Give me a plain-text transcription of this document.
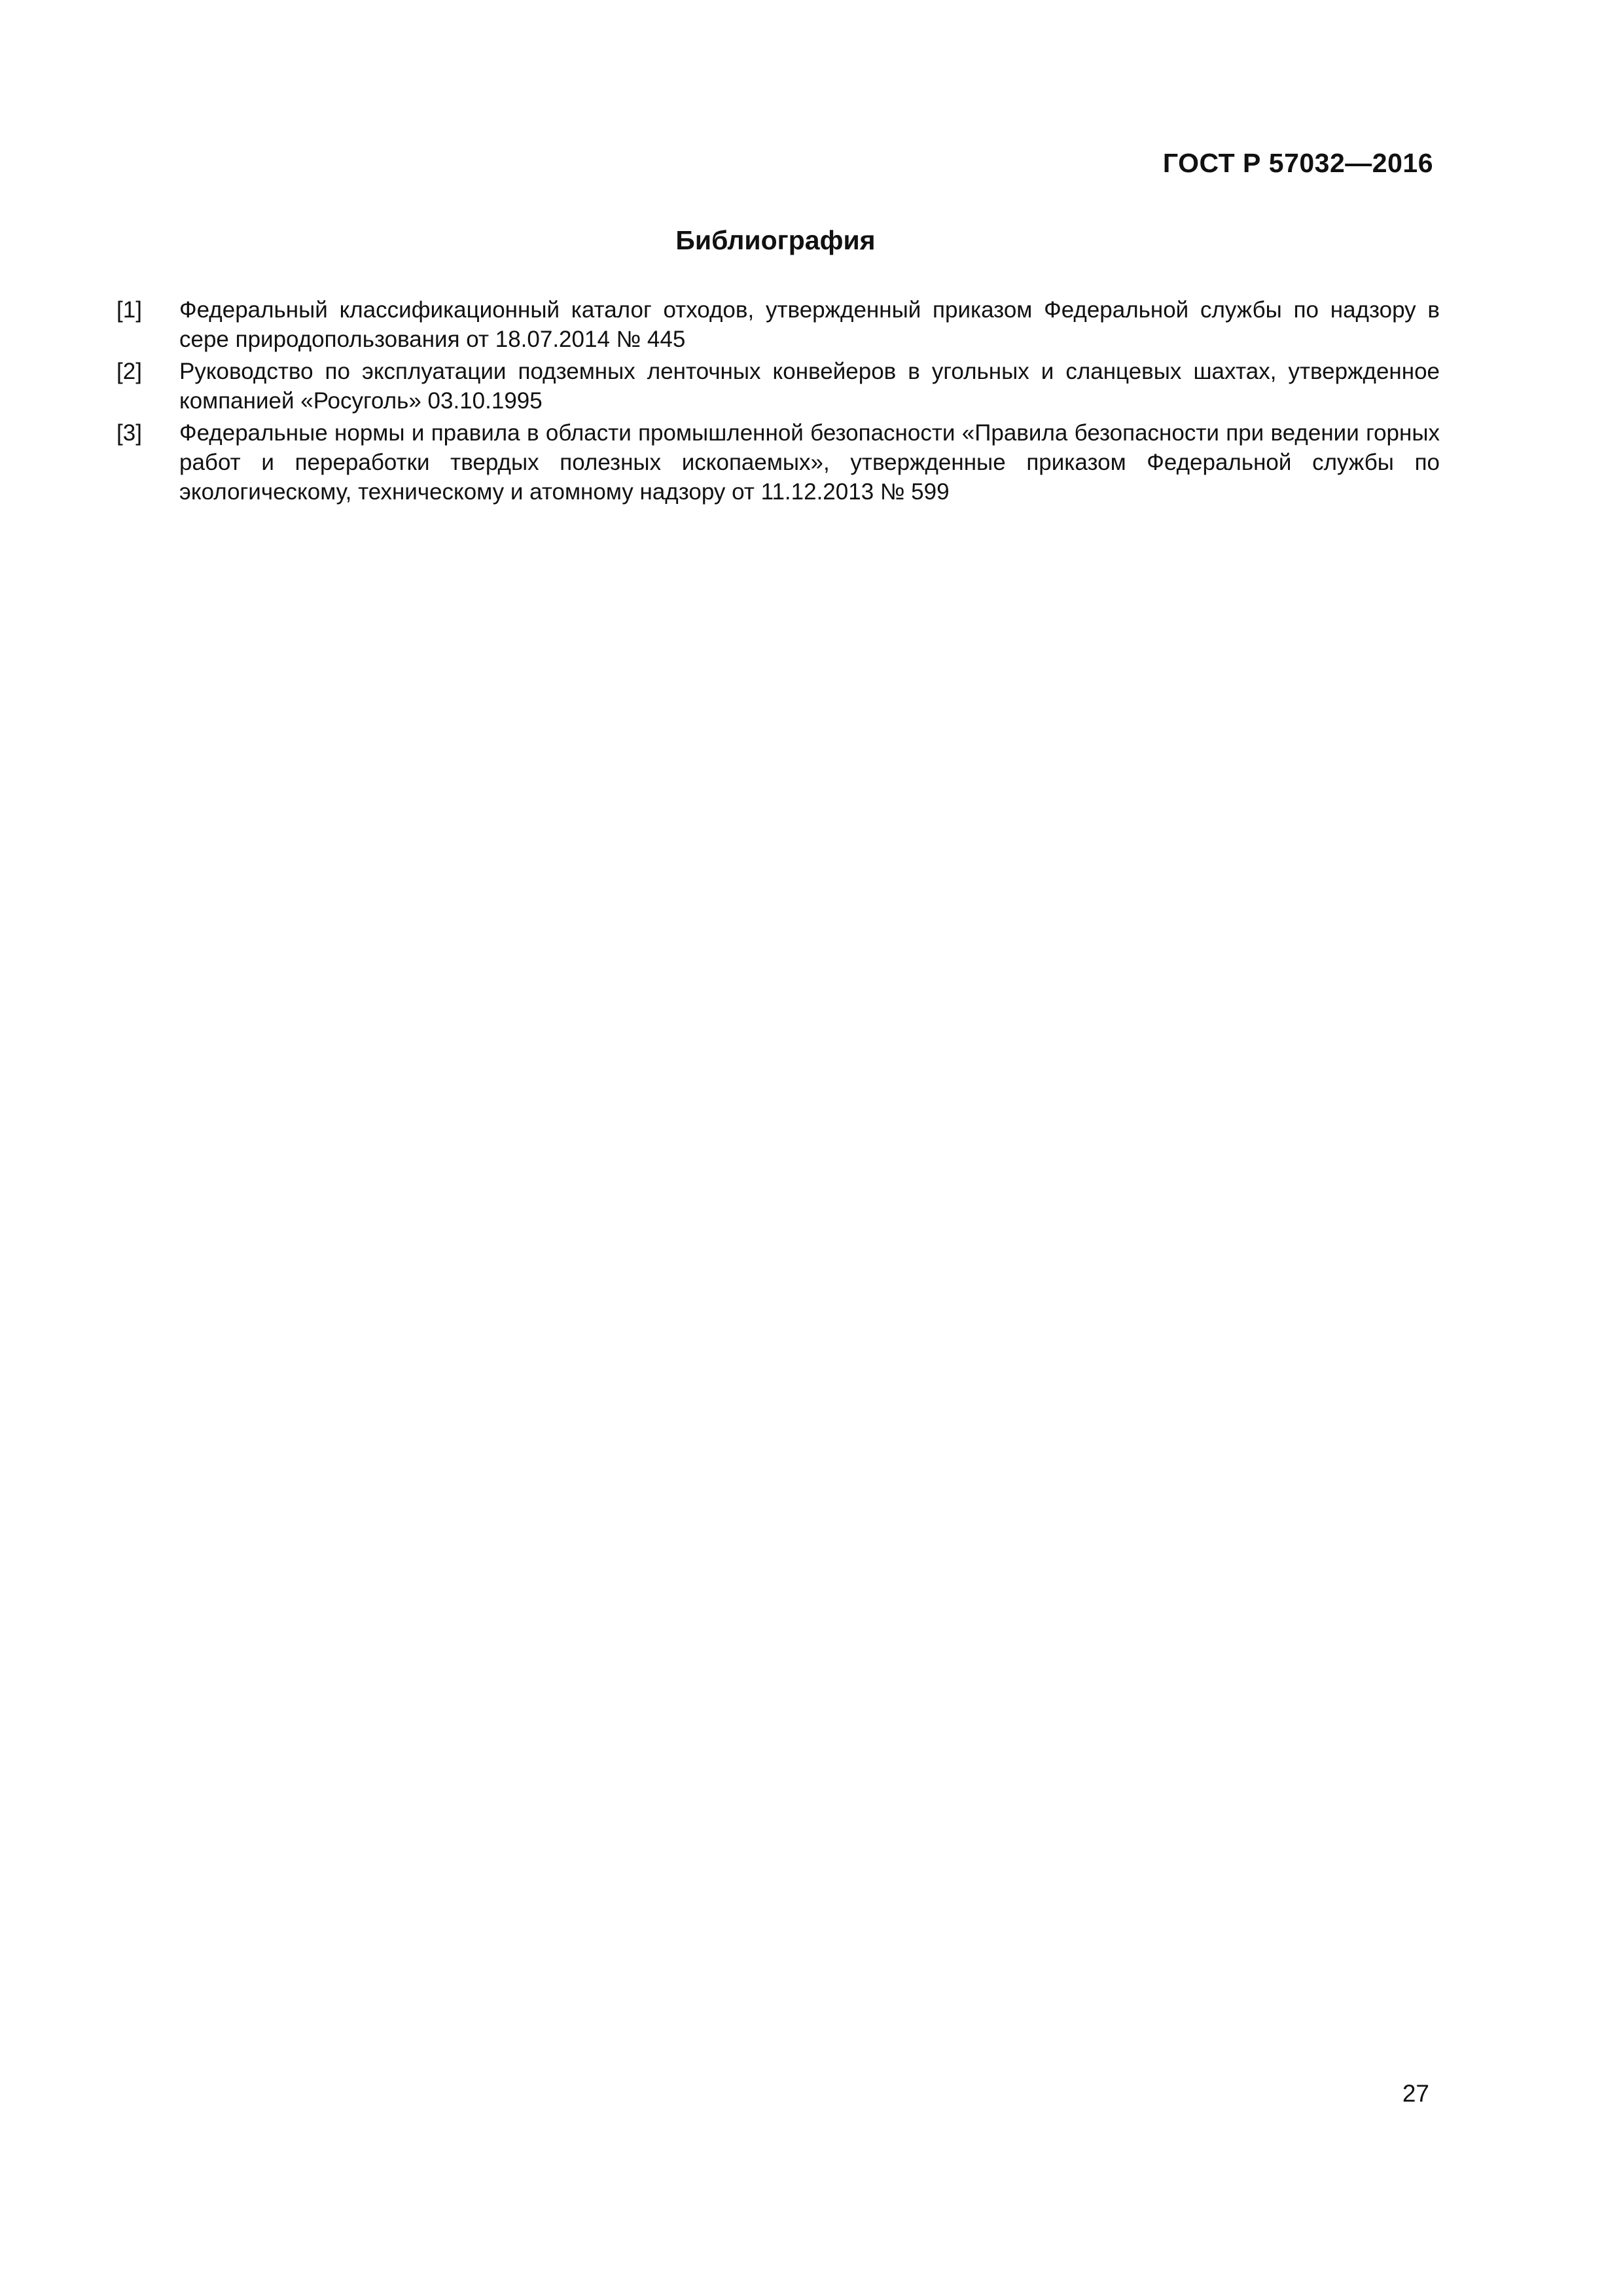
ГОСТ Р 57032—2016
Библиография
[1]	Федеральный классификационный каталог отходов, утвержденный приказом Федеральной службы по надзору в сере природопользования от 18.07.2014 № 445
[2]	Руководство по эксплуатации подземных ленточных конвейеров в угольных и сланцевых шахтах, утвержденное компанией «Росуголь» 03.10.1995
[3]	Федеральные нормы и правила в области промышленной безопасности «Правила безопасности при ведении горных работ и переработки твердых полезных ископаемых», утвержденные приказом Федеральной службы по экологическому, техническому и атомному надзору от 11.12.2013 № 599
27
